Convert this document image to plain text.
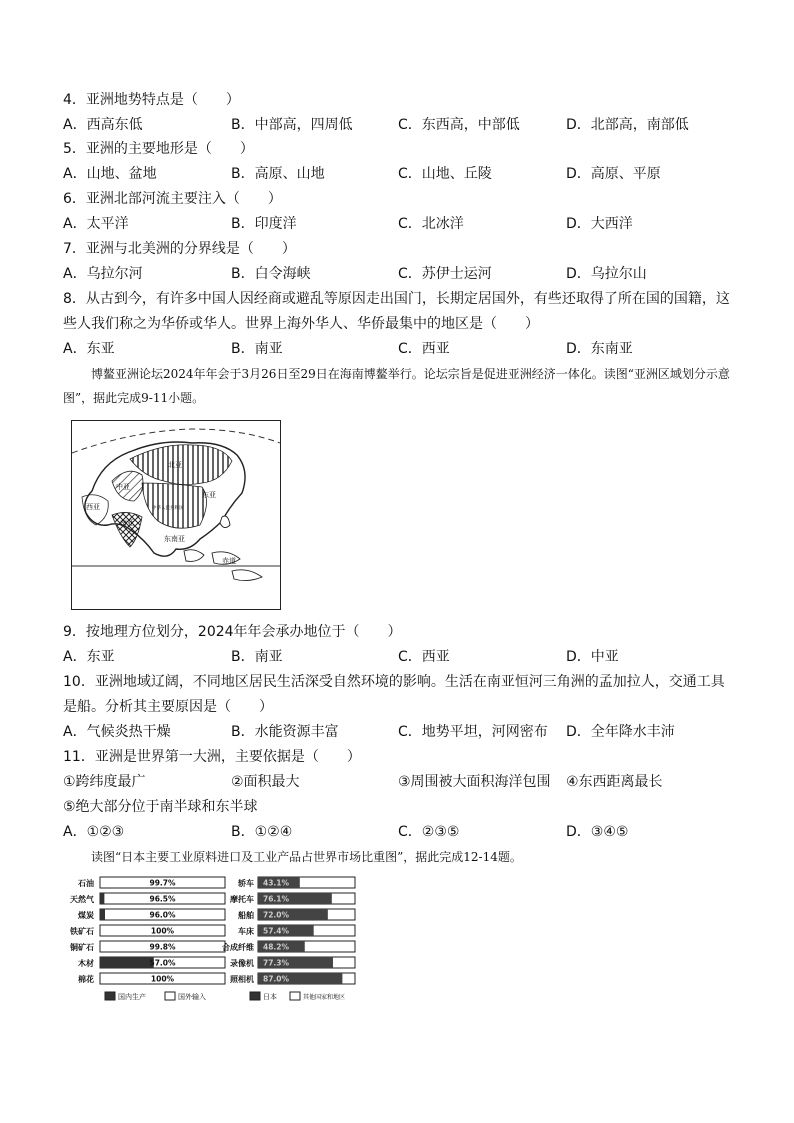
4．亚洲地势特点是（　　）
A．西高东低	B．中部高，四周低	C．东西高，中部低	D．北部高，南部低
5．亚洲的主要地形是（　　）
A．山地、盆地	B．高原、山地	C．山地、丘陵	D．高原、平原
6．亚洲北部河流主要注入（　　）
A．太平洋	B．印度洋	C．北冰洋	D．大西洋
7．亚洲与北美洲的分界线是（　　）
A．乌拉尔河	B．白令海峡	C．苏伊士运河	D．乌拉尔山
8．从古到今，有许多中国人因经商或避乱等原因走出国门，长期定居国外，有些还取得了所在国的国籍，这些人我们称之为华侨或华人。世界上海外华人、华侨最集中的地区是（　　）
A．东亚	B．南亚	C．西亚	D．东南亚
博鳌亚洲论坛2024年年会于3月26日至29日在海南博鳌举行。论坛宗旨是促进亚洲经济一体化。读图“亚洲区域划分示意图”，据此完成9-11小题。
北亚
中亚
东亚
西亚
南亚
东南亚
中华人民共和国
赤道
9．按地理方位划分，2024年年会承办地位于（　　）
A．东亚	B．南亚	C．西亚	D．中亚
10．亚洲地域辽阔，不同地区居民生活深受自然环境的影响。生活在南亚恒河三角洲的孟加拉人，交通工具是船。分析其主要原因是（　　）
A．气候炎热干燥	B．水能资源丰富	C．地势平坦，河网密布 D．全年降水丰沛
11．亚洲是世界第一大洲，主要依据是（　　）
①跨纬度最广	②面积最大	③周围被大面积海洋包围 ④东西距离最长
⑤绝大部分位于南半球和东半球
A．①②③	B．①②④	C．②③⑤	D．③④⑤
读图“日本主要工业原料进口及工业产品占世界市场比重图”，据此完成12-14题。
石油	99.7%
天然气	96.5%
煤炭	96.0%
铁矿石	100%
铜矿石	99.8%
木材	57.0%
棉花	100%
国内生产	国外输入
轿车 43.1%
摩托车 76.1%
船舶 72.0%
车床 57.4%
合成纤维 48.2%
录像机 77.3%
照相机 87.0%
日本	其他国家和地区
